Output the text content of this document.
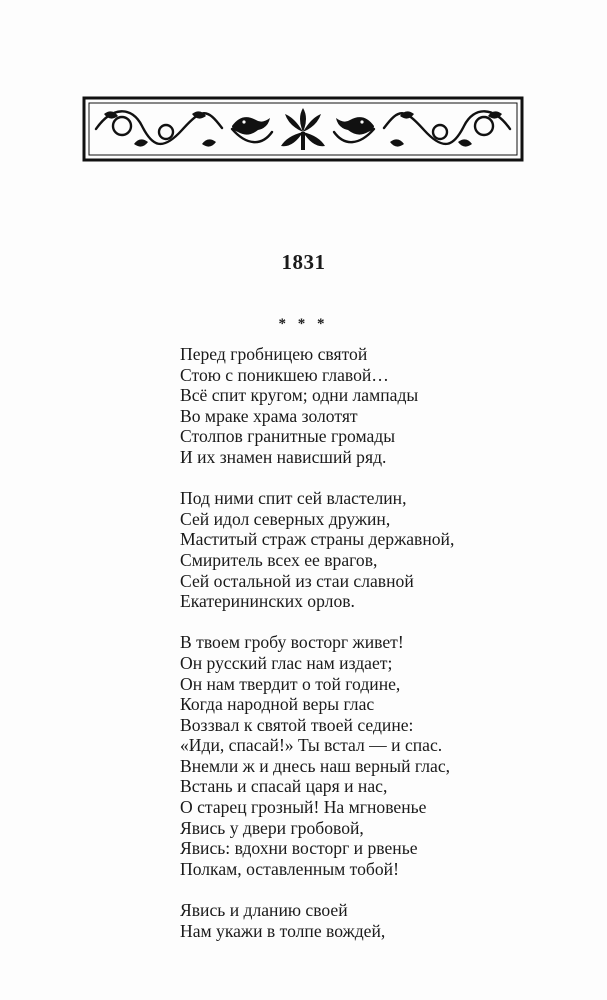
1831
* * *
Перед гробницею святой
Стою с поникшею главой…
Всё спит кругом; одни лампады
Во мраке храма золотят
Столпов гранитные громады
И их знамен нависший ряд.
Под ними спит сей властелин,
Сей идол северных дружин,
Маститый страж страны державной,
Смиритель всех ее врагов,
Сей остальной из стаи славной
Екатерининских орлов.
В твоем гробу восторг живет!
Он русский глас нам издает;
Он нам твердит о той године,
Когда народной веры глас
Воззвал к святой твоей седине:
«Иди, спасай!» Ты встал — и спас.
Внемли ж и днесь наш верный глас,
Встань и спасай царя и нас,
О старец грозный! На мгновенье
Явись у двери гробовой,
Явись: вдохни восторг и рвенье
Полкам, оставленным тобой!
Явись и дланию своей
Нам укажи в толпе вождей,
